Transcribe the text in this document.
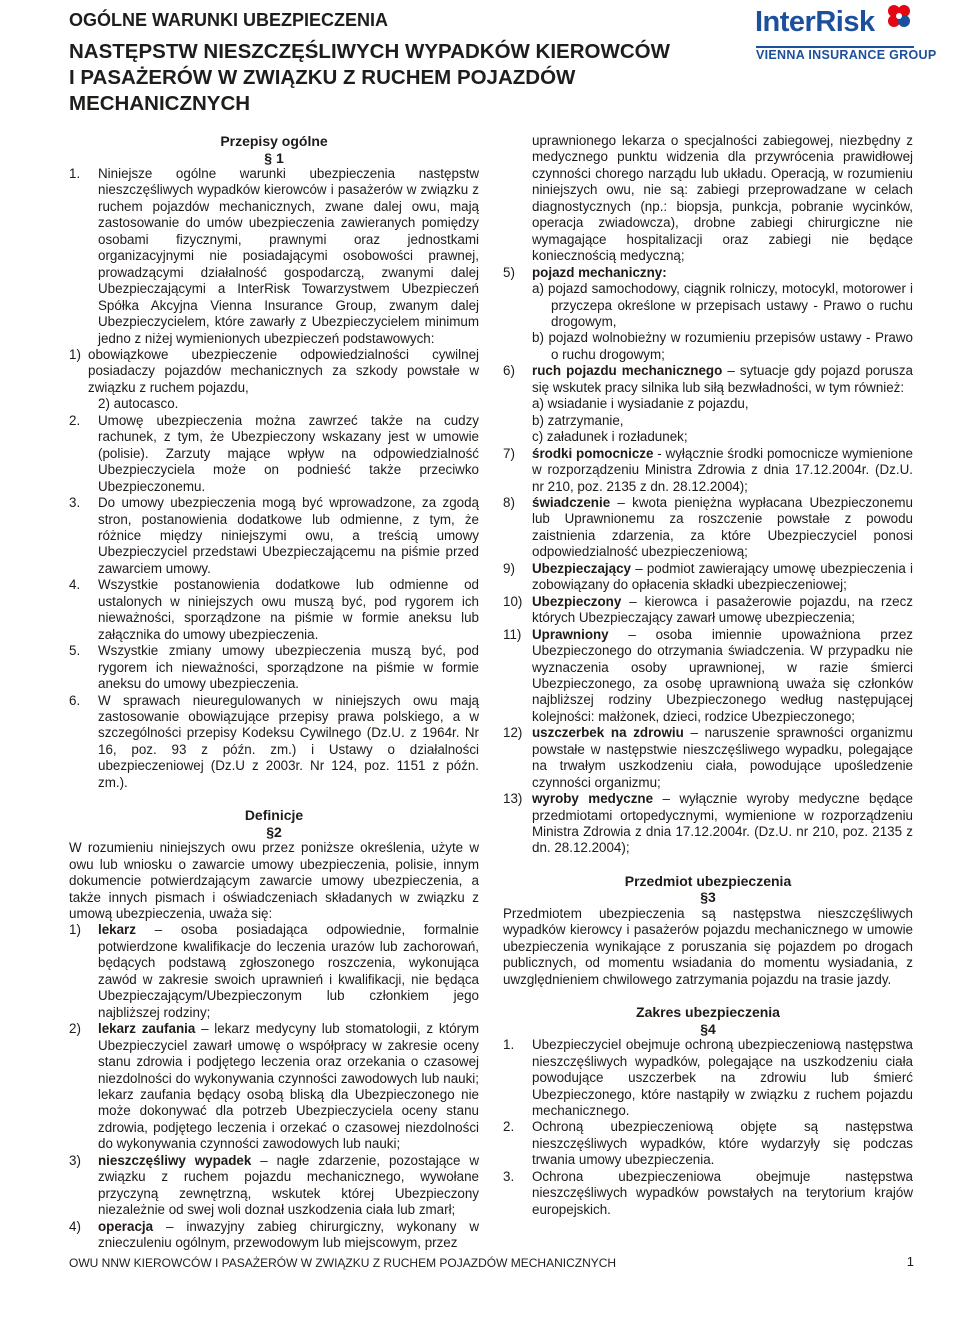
OGÓLNE WARUNKI UBEZPIECZENIA
NASTĘPSTW NIESZCZĘŚLIWYCH WYPADKÓW KIEROWCÓW
I PASAŻERÓW W ZWIĄZKU Z RUCHEM POJAZDÓW MECHANICZNYCH
InterRisk
VIENNA INSURANCE GROUP
Przepisy ogólne
§ 1
1.	Niniejsze ogólne warunki ubezpieczenia następstw nieszczęśliwych wypadków kierowców i pasażerów w związku z ruchem pojazdów mechanicznych, zwane dalej owu, mają zastosowanie do umów ubezpieczenia zawieranych pomiędzy osobami fizycznymi, prawnymi oraz jednostkami organizacyjnymi nie posiadającymi osobowości prawnej, prowadzącymi działalność gospodarczą, zwanymi dalej Ubezpieczającymi a InterRisk Towarzystwem Ubezpieczeń Spółka Akcyjna Vienna Insurance Group, zwanym dalej Ubezpieczycielem, które zawarły z Ubezpieczycielem minimum jedno z niżej wymienionych ubezpieczeń podstawowych:

1) obowiązkowe ubezpieczenie odpowiedzialności cywilnej posiadaczy pojazdów mechanicznych za szkody powstałe w związku z ruchem pojazdu,

2) autocasco.

2.	Umowę ubezpieczenia można zawrzeć także na cudzy rachunek, z tym, że Ubezpieczony wskazany jest w umowie (polisie). Zarzuty mające wpływ na odpowiedzialność Ubezpieczyciela może on podnieść także przeciwko Ubezpieczonemu.

3.	Do umowy ubezpieczenia mogą być wprowadzone, za zgodą stron, postanowienia dodatkowe lub odmienne, z tym, że różnice między niniejszymi owu, a treścią umowy Ubezpieczyciel przedstawi Ubezpieczającemu na piśmie przed zawarciem umowy.

4.	Wszystkie postanowienia dodatkowe lub odmienne od ustalonych w niniejszych owu muszą być, pod rygorem ich nieważności, sporządzone na piśmie w formie aneksu lub załącznika do umowy ubezpieczenia.

5.	Wszystkie zmiany umowy ubezpieczenia muszą być, pod rygorem ich nieważności, sporządzone na piśmie w formie aneksu do umowy ubezpieczenia.

6.	W sprawach nieuregulowanych w niniejszych owu mają zastosowanie obowiązujące przepisy prawa polskiego, a w szczególności przepisy Kodeksu Cywilnego (Dz.U. z 1964r. Nr 16, poz. 93 z późn. zm.) i Ustawy o działalności ubezpieczeniowej (Dz.U z 2003r. Nr 124, poz. 1151 z późn. zm.).

Definicje
§2

W rozumieniu niniejszych owu przez poniższe określenia, użyte w owu lub wniosku o zawarcie umowy ubezpieczenia, polisie, innym dokumencie potwierdzającym zawarcie umowy ubezpieczenia, a także innych pismach i oświadczeniach składanych w związku z umową ubezpieczenia, uważa się:

1)	lekarz – osoba posiadająca odpowiednie, formalnie potwierdzone kwalifikacje do leczenia urazów lub zachorowań, będących podstawą zgłoszonego roszczenia, wykonująca zawód w zakresie swoich uprawnień i kwalifikacji, nie będąca Ubezpieczającym/Ubezpieczonym lub członkiem jego najbliższej rodziny;

2)	lekarz zaufania – lekarz medycyny lub stomatologii, z którym Ubezpieczyciel zawarł umowę o współpracy w zakresie oceny stanu zdrowia i podjętego leczenia oraz orzekania o czasowej niezdolności do wykonywania czynności zawodowych lub nauki; lekarz zaufania będący osobą bliską dla Ubezpieczonego nie może dokonywać dla potrzeb Ubezpieczyciela oceny stanu zdrowia, podjętego leczenia i orzekać o czasowej niezdolności do wykonywania czynności zawodowych lub nauki;

3)	nieszczęśliwy wypadek – nagłe zdarzenie, pozostające w związku z ruchem pojazdu mechanicznego, wywołane przyczyną zewnętrzną, wskutek której Ubezpieczony niezależnie od swej woli doznał uszkodzenia ciała lub zmarł;

4)	operacja – inwazyjny zabieg chirurgiczny, wykonany w znieczuleniu ogólnym, przewodowym lub miejscowym, przez

uprawnionego lekarza o specjalności zabiegowej, niezbędny z medycznego punktu widzenia dla przywrócenia prawidłowej czynności chorego narządu lub układu. Operacją, w rozumieniu niniejszych owu, nie są: zabiegi przeprowadzane w celach diagnostycznych (np.: biopsja, punkcja, pobranie wycinków, operacja zwiadowcza), drobne zabiegi chirurgiczne nie wymagające hospitalizacji oraz zabiegi nie będące koniecznością medyczną;

5)	pojazd mechaniczny:

a) pojazd samochodowy, ciągnik rolniczy, motocykl, motorower i przyczepa określone w przepisach ustawy - Prawo o ruchu drogowym,

b) pojazd wolnobieżny w rozumieniu przepisów ustawy - Prawo o ruchu drogowym;

6)	ruch pojazdu mechanicznego – sytuacje gdy pojazd porusza się wskutek pracy silnika lub siłą bezwładności, w tym również:

a) wsiadanie i wysiadanie z pojazdu,

b) zatrzymanie,

c) załadunek i rozładunek;

7)	środki pomocnicze - wyłącznie środki pomocnicze wymienione w rozporządzeniu Ministra Zdrowia z dnia 17.12.2004r. (Dz.U. nr 210, poz. 2135 z dn. 28.12.2004);

8)	świadczenie – kwota pieniężna wypłacana Ubezpieczonemu lub Uprawnionemu za roszczenie powstałe z powodu zaistnienia zdarzenia, za które Ubezpieczyciel ponosi odpowiedzialność ubezpieczeniową;

9)	Ubezpieczający – podmiot zawierający umowę ubezpieczenia i zobowiązany do opłacenia składki ubezpieczeniowej;

10) Ubezpieczony – kierowca i pasażerowie pojazdu, na rzecz których Ubezpieczający zawarł umowę ubezpieczenia;

11) Uprawniony – osoba imiennie upoważniona przez Ubezpieczonego do otrzymania świadczenia. W przypadku nie wyznaczenia osoby uprawnionej, w razie śmierci Ubezpieczonego, za osobę uprawnioną uważa się członków najbliższej rodziny Ubezpieczonego według następującej kolejności: małżonek, dzieci, rodzice Ubezpieczonego;

12) uszczerbek na zdrowiu – naruszenie sprawności organizmu powstałe w następstwie nieszczęśliwego wypadku, polegające na trwałym uszkodzeniu ciała, powodujące upośledzenie czynności organizmu;

13) wyroby medyczne – wyłącznie wyroby medyczne będące przedmiotami ortopedycznymi, wymienione w rozporządzeniu Ministra Zdrowia z dnia 17.12.2004r. (Dz.U. nr 210, poz. 2135 z dn. 28.12.2004);

Przedmiot ubezpieczenia
§3

Przedmiotem ubezpieczenia są następstwa nieszczęśliwych wypadków kierowcy i pasażerów pojazdu mechanicznego w umowie ubezpieczenia wynikające z poruszania się pojazdem po drogach publicznych, od momentu wsiadania do momentu wysiadania, z uwzględnieniem chwilowego zatrzymania pojazdu na trasie jazdy.

Zakres ubezpieczenia
§4
1.	Ubezpieczyciel obejmuje ochroną ubezpieczeniową następstwa nieszczęśliwych wypadków, polegające na uszkodzeniu ciała powodujące uszczerbek na zdrowiu lub śmierć Ubezpieczonego, które nastąpiły w związku z ruchem pojazdu mechanicznego.

2.	Ochroną ubezpieczeniową objęte są następstwa nieszczęśliwych wypadków, które wydarzyły się podczas trwania umowy ubezpieczenia.

3.	Ochrona ubezpieczeniowa obejmuje następstwa nieszczęśliwych wypadków powstałych na terytorium krajów europejskich.

OWU NNW KIEROWCÓW I PASAŻERÓW W ZWIĄZKU Z RUCHEM POJAZDÓW MECHANICZNYCH	1
